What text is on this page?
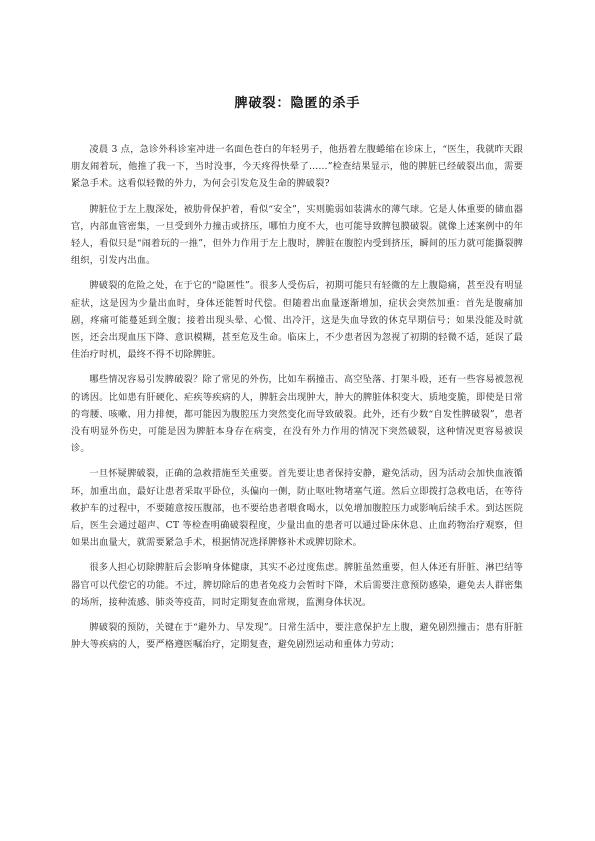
脾破裂：隐匿的杀手

凌晨 3 点，急诊外科诊室冲进一名面色苍白的年轻男子，他捂着左腹蜷缩在诊床上，“医生，我就昨天跟朋友闹着玩，他推了我一下，当时没事，今天疼得快晕了……”检查结果显示，他的脾脏已经破裂出血，需要紧急手术。这看似轻微的外力，为何会引发危及生命的脾破裂?

脾脏位于左上腹深处，被肋骨保护着，看似“安全”，实则脆弱如装满水的薄气球。它是人体重要的储血器官，内部血管密集，一旦受到外力撞击或挤压，哪怕力度不大，也可能导致脾包膜破裂。就像上述案例中的年轻人，看似只是“闹着玩的一推”，但外力作用于左上腹时，脾脏在腹腔内受到挤压，瞬间的压力就可能撕裂脾组织，引发内出血。

脾破裂的危险之处，在于它的“隐匿性”。很多人受伤后，初期可能只有轻微的左上腹隐痛，甚至没有明显症状，这是因为少量出血时，身体还能暂时代偿。但随着出血量逐渐增加，症状会突然加重：首先是腹痛加剧，疼痛可能蔓延到全腹；接着出现头晕、心慌、出冷汗，这是失血导致的休克早期信号；如果没能及时就医，还会出现血压下降、意识模糊，甚至危及生命。临床上，不少患者因为忽视了初期的轻微不适，延误了最佳治疗时机，最终不得不切除脾脏。

哪些情况容易引发脾破裂？除了常见的外伤，比如车祸撞击、高空坠落、打架斗殴，还有一些容易被忽视的诱因。比如患有肝硬化、疟疾等疾病的人，脾脏会出现肿大，肿大的脾脏体积变大、质地变脆，即使是日常的弯腰、咳嗽、用力排便，都可能因为腹腔压力突然变化而导致破裂。此外，还有少数“自发性脾破裂”，患者没有明显外伤史，可能是因为脾脏本身存在病变，在没有外力作用的情况下突然破裂，这种情况更容易被误诊。

一旦怀疑脾破裂，正确的急救措施至关重要。首先要让患者保持安静，避免活动，因为活动会加快血液循环，加重出血，最好让患者采取平卧位，头偏向一侧，防止呕吐物堵塞气道。然后立即拨打急救电话，在等待救护车的过程中，不要随意按压腹部，也不要给患者喂食喝水，以免增加腹腔压力或影响后续手术。到达医院后，医生会通过超声、CT 等检查明确破裂程度，少量出血的患者可以通过卧床休息、止血药物治疗观察，但如果出血量大，就需要紧急手术，根据情况选择脾修补术或脾切除术。

很多人担心切除脾脏后会影响身体健康，其实不必过度焦虑。脾脏虽然重要，但人体还有肝脏、淋巴结等器官可以代偿它的功能。不过，脾切除后的患者免疫力会暂时下降，术后需要注意预防感染，避免去人群密集的场所，接种流感、肺炎等疫苗，同时定期复查血常规，监测身体状况。

脾破裂的预防，关键在于“避外力、早发现”。日常生活中，要注意保护左上腹，避免剧烈撞击；患有肝脏肿大等疾病的人，要严格遵医嘱治疗，定期复查，避免剧烈运动和重体力劳动；
